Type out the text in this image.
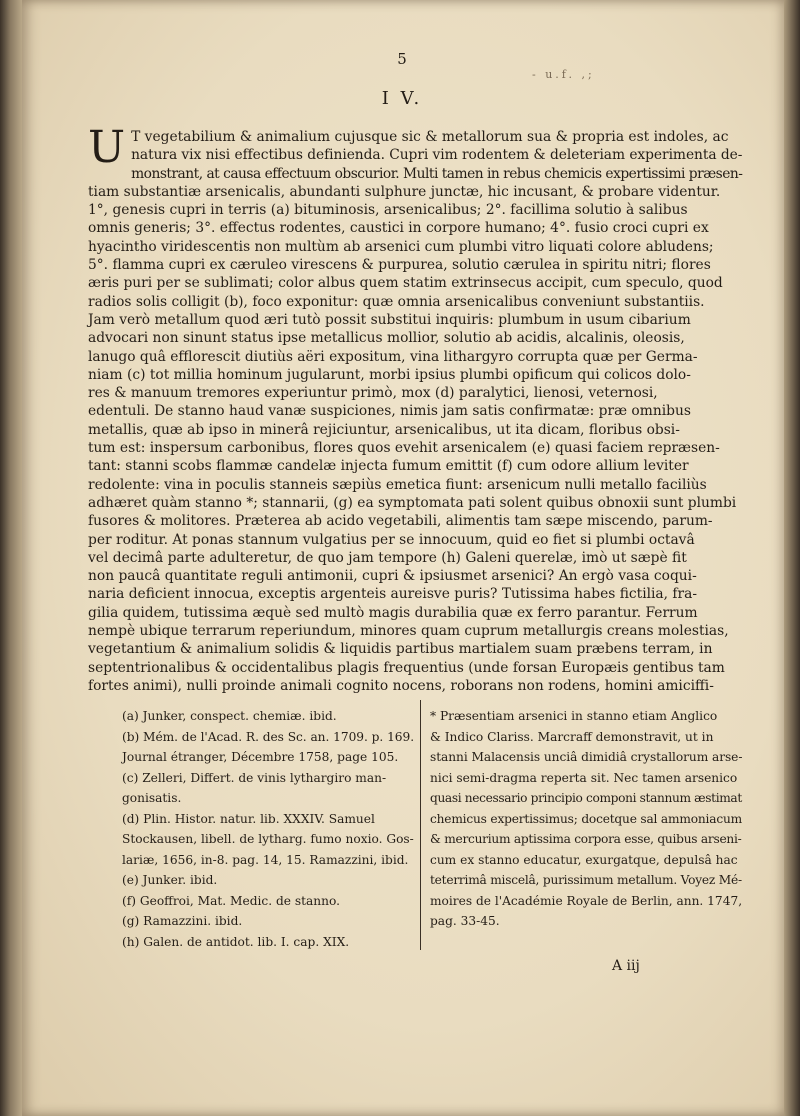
5
- u.f. ,;
I V.
U T vegetabilium & animalium cujusque sic & metallorum sua & propria est indoles, ac
natura vix nisi effectibus definienda. Cupri vim rodentem & deleteriam experimenta de-
monstrant, at causa effectuum obscurior. Multi tamen in rebus chemicis expertissimi præsen-
tiam substantiæ arsenicalis, abundanti sulphure junctæ, hic incusant, & probare videntur.
1°, genesis cupri in terris (a) bituminosis, arsenicalibus; 2°. facillima solutio à salibus
omnis generis; 3°. effectus rodentes, caustici in corpore humano; 4°. fusio croci cupri ex
hyacintho viridescentis non multùm ab arsenici cum plumbi vitro liquati colore abludens;
5°. flamma cupri ex cæruleo virescens & purpurea, solutio cærulea in spiritu nitri; flores
æris puri per se sublimati; color albus quem statim extrinsecus accipit, cum speculo, quod
radios solis colligit (b), foco exponitur: quæ omnia arsenicalibus conveniunt substantiis.
Jam verò metallum quod æri tutò possit substitui inquiris: plumbum in usum cibarium
advocari non sinunt status ipse metallicus mollior, solutio ab acidis, alcalinis, oleosis,
lanugo quâ efflorescit diutiùs aëri expositum, vina lithargyro corrupta quæ per Germa-
niam (c) tot millia hominum jugularunt, morbi ipsius plumbi opificum qui colicos dolo-
res & manuum tremores experiuntur primò, mox (d) paralytici, lienosi, veternosi,
edentuli. De stanno haud vanæ suspiciones, nimis jam satis confirmatæ: præ omnibus
metallis, quæ ab ipso in minerâ rejiciuntur, arsenicalibus, ut ita dicam, floribus obsi-
tum est: inspersum carbonibus, flores quos evehit arsenicalem (e) quasi faciem repræsen-
tant: stanni scobs flammæ candelæ injecta fumum emittit (f) cum odore allium leviter
redolente: vina in poculis stanneis sæpiùs emetica fiunt: arsenicum nulli metallo faciliùs
adhæret quàm stanno *; stannarii, (g) ea symptomata pati solent quibus obnoxii sunt plumbi
fusores & molitores. Præterea ab acido vegetabili, alimentis tam sæpe miscendo, parum-
per roditur. At ponas stannum vulgatius per se innocuum, quid eo fiet si plumbi octavâ
vel decimâ parte adulteretur, de quo jam tempore (h) Galeni querelæ, imò ut sæpè fit
non paucâ quantitate reguli antimonii, cupri & ipsiusmet arsenici? An ergò vasa coqui-
naria deficient innocua, exceptis argenteis aureisve puris? Tutissima habes fictilia, fra-
gilia quidem, tutissima æquè sed multò magis durabilia quæ ex ferro parantur. Ferrum
nempè ubique terrarum reperiundum, minores quam cuprum metallurgis creans molestias,
vegetantium & animalium solidis & liquidis partibus martialem suam præbens terram, in
septentrionalibus & occidentalibus plagis frequentius (unde forsan Europæis gentibus tam
fortes animi), nulli proinde animali cognito nocens, roborans non rodens, homini amiciffi-
(a) Junker, conspect. chemiæ. ibid.
(b) Mém. de l'Acad. R. des Sc. an. 1709. p. 169.
Journal étranger, Décembre 1758, page 105.
(c) Zelleri, Differt. de vinis lythargiro man-
gonisatis.
(d) Plin. Histor. natur. lib. XXXIV. Samuel
Stockausen, libell. de lytharg. fumo noxio. Gos-
lariæ, 1656, in-8. pag. 14, 15. Ramazzini, ibid.
(e) Junker. ibid.
(f) Geoffroi, Mat. Medic. de stanno.
(g) Ramazzini. ibid.
(h) Galen. de antidot. lib. I. cap. XIX.
* Præsentiam arsenici in stanno etiam Anglico
& Indico Clariss. Marcraff demonstravit, ut in
stanni Malacensis unciâ dimidiâ crystallorum arse-
nici semi-dragma reperta sit. Nec tamen arsenico
quasi necessario principio componi stannum æstimat
chemicus expertissimus; docetque sal ammoniacum
& mercurium aptissima corpora esse, quibus arseni-
cum ex stanno educatur, exurgatque, depulsâ hac
teterrimâ miscelâ, purissimum metallum. Voyez Mé-
moires de l'Académie Royale de Berlin, ann. 1747,
pag. 33-45.
A iij
